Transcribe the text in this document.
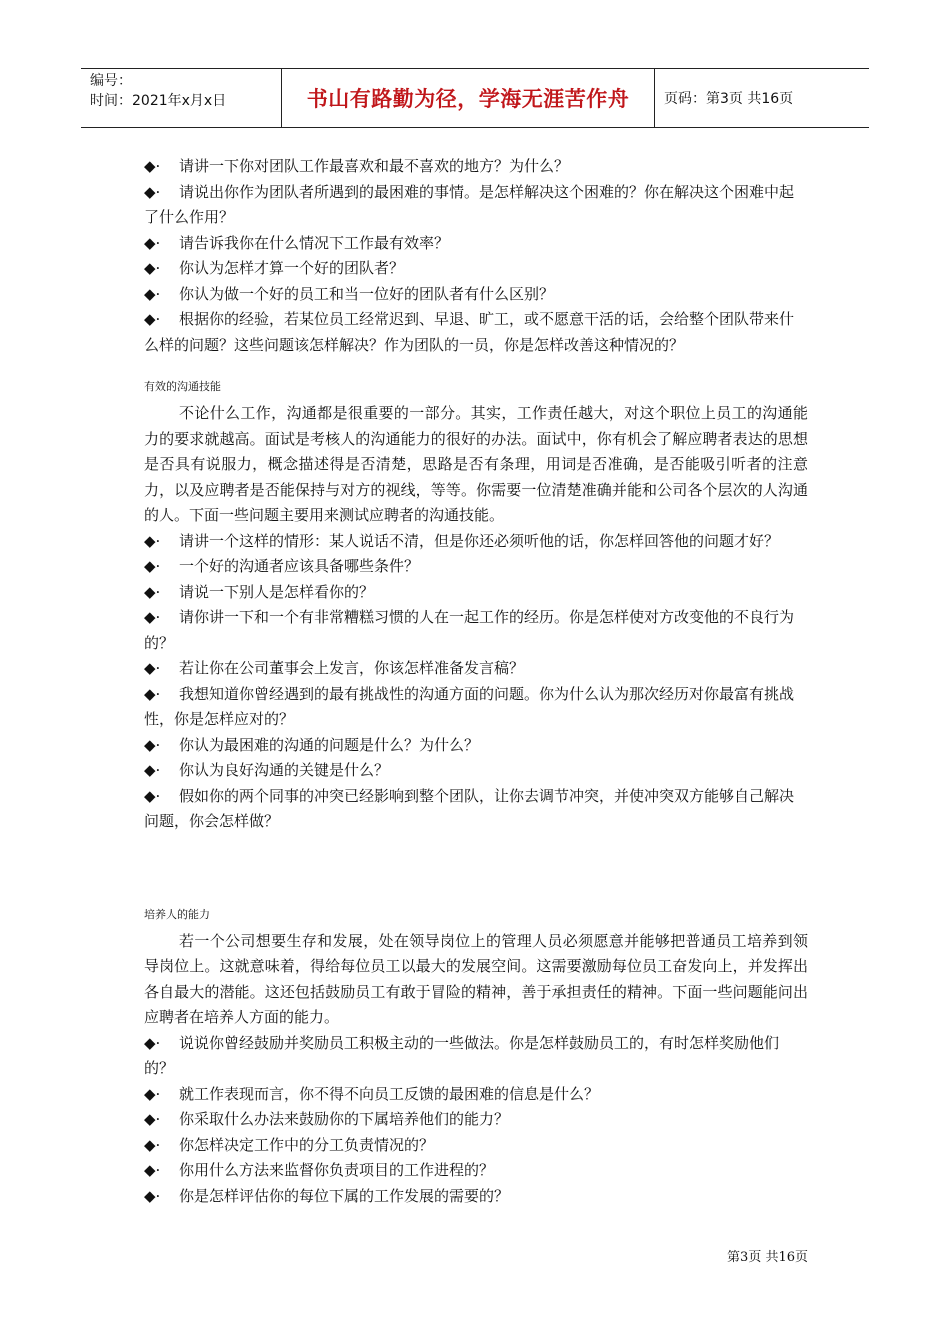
编号：
时间：2021年x月x日	书山有路勤为径，学海无涯苦作舟	页码：第3页 共16页

◆· 请讲一下你对团队工作最喜欢和最不喜欢的地方？为什么？

◆· 请说出你作为团队者所遇到的最困难的事情。是怎样解决这个困难的？你在解决这个困难中起了什么作用？

◆· 请告诉我你在什么情况下工作最有效率？

◆· 你认为怎样才算一个好的团队者？

◆· 你认为做一个好的员工和当一位好的团队者有什么区别？

◆· 根据你的经验，若某位员工经常迟到、早退、旷工，或不愿意干活的话，会给整个团队带来什么样的问题？这些问题该怎样解决？作为团队的一员，你是怎样改善这种情况的？

有效的沟通技能

不论什么工作，沟通都是很重要的一部分。其实，工作责任越大，对这个职位上员工的沟通能力的要求就越高。面试是考核人的沟通能力的很好的办法。面试中，你有机会了解应聘者表达的思想是否具有说服力，概念描述得是否清楚，思路是否有条理，用词是否准确，是否能吸引听者的注意力，以及应聘者是否能保持与对方的视线，等等。你需要一位清楚准确并能和公司各个层次的人沟通的人。下面一些问题主要用来测试应聘者的沟通技能。

◆· 请讲一个这样的情形：某人说话不清，但是你还必须听他的话，你怎样回答他的问题才好？

◆· 一个好的沟通者应该具备哪些条件？

◆· 请说一下别人是怎样看你的？

◆· 请你讲一下和一个有非常糟糕习惯的人在一起工作的经历。你是怎样使对方改变他的不良行为的？

◆· 若让你在公司董事会上发言，你该怎样准备发言稿？

◆· 我想知道你曾经遇到的最有挑战性的沟通方面的问题。你为什么认为那次经历对你最富有挑战性，你是怎样应对的？

◆· 你认为最困难的沟通的问题是什么？为什么？

◆· 你认为良好沟通的关键是什么？

◆· 假如你的两个同事的冲突已经影响到整个团队，让你去调节冲突，并使冲突双方能够自己解决问题，你会怎样做？

培养人的能力

若一个公司想要生存和发展，处在领导岗位上的管理人员必须愿意并能够把普通员工培养到领导岗位上。这就意味着，得给每位员工以最大的发展空间。这需要激励每位员工奋发向上，并发挥出各自最大的潜能。这还包括鼓励员工有敢于冒险的精神，善于承担责任的精神。下面一些问题能问出应聘者在培养人方面的能力。

◆· 说说你曾经鼓励并奖励员工积极主动的一些做法。你是怎样鼓励员工的，有时怎样奖励他们的？

◆· 就工作表现而言，你不得不向员工反馈的最困难的信息是什么？

◆· 你采取什么办法来鼓励你的下属培养他们的能力？

◆· 你怎样决定工作中的分工负责情况的？

◆· 你用什么方法来监督你负责项目的工作进程的？

◆· 你是怎样评估你的每位下属的工作发展的需要的？

第3页 共16页
